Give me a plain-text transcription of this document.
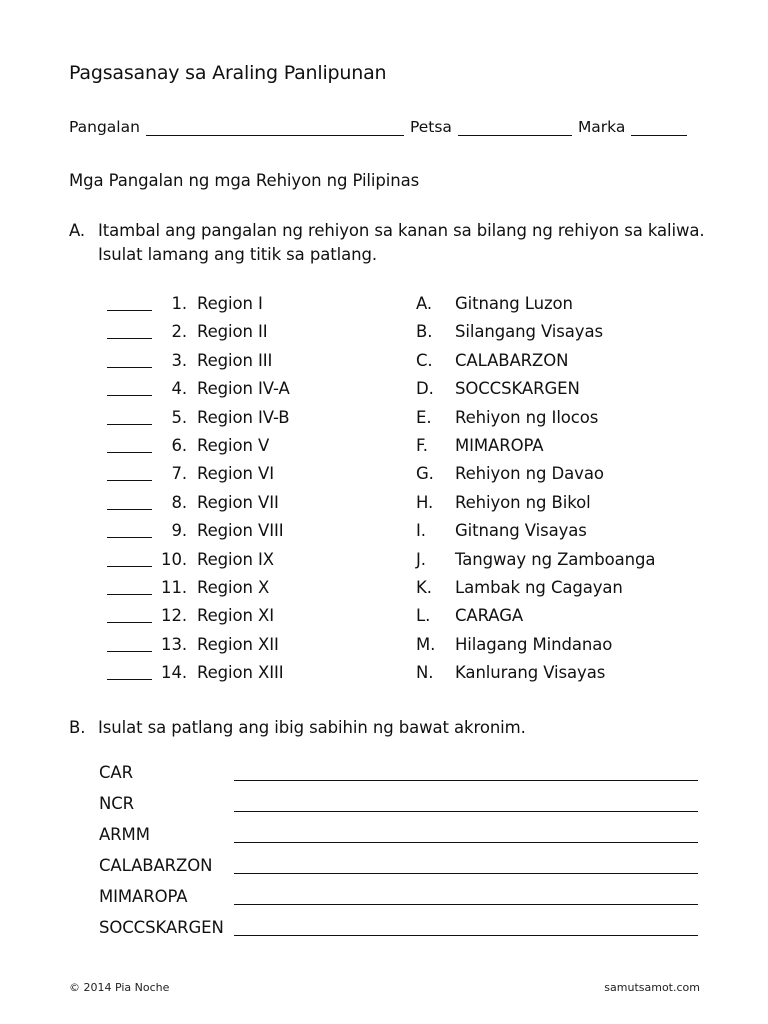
Pagsasanay sa Araling Panlipunan
Pangalan	Petsa	Marka
Mga Pangalan ng mga Rehiyon ng Pilipinas
A. Itambal ang pangalan ng rehiyon sa kanan sa bilang ng rehiyon sa kaliwa. Isulat lamang ang titik sa patlang.
1. Region I	A. Gitnang Luzon
2. Region II	B. Silangang Visayas
3. Region III	C. CALABARZON
4. Region IV-A	D. SOCCSKARGEN
5. Region IV-B	E. Rehiyon ng Ilocos
6. Region V	F. MIMAROPA
7. Region VI	G. Rehiyon ng Davao
8. Region VII	H. Rehiyon ng Bikol
9. Region VIII	I. Gitnang Visayas
10. Region IX	J. Tangway ng Zamboanga
11. Region X	K. Lambak ng Cagayan
12. Region XI	L. CARAGA
13. Region XII	M. Hilagang Mindanao
14. Region XIII	N. Kanlurang Visayas
B. Isulat sa patlang ang ibig sabihin ng bawat akronim.
CAR
NCR
ARMM
CALABARZON
MIMAROPA
SOCCSKARGEN
© 2014 Pia Noche	samutsamot.com
